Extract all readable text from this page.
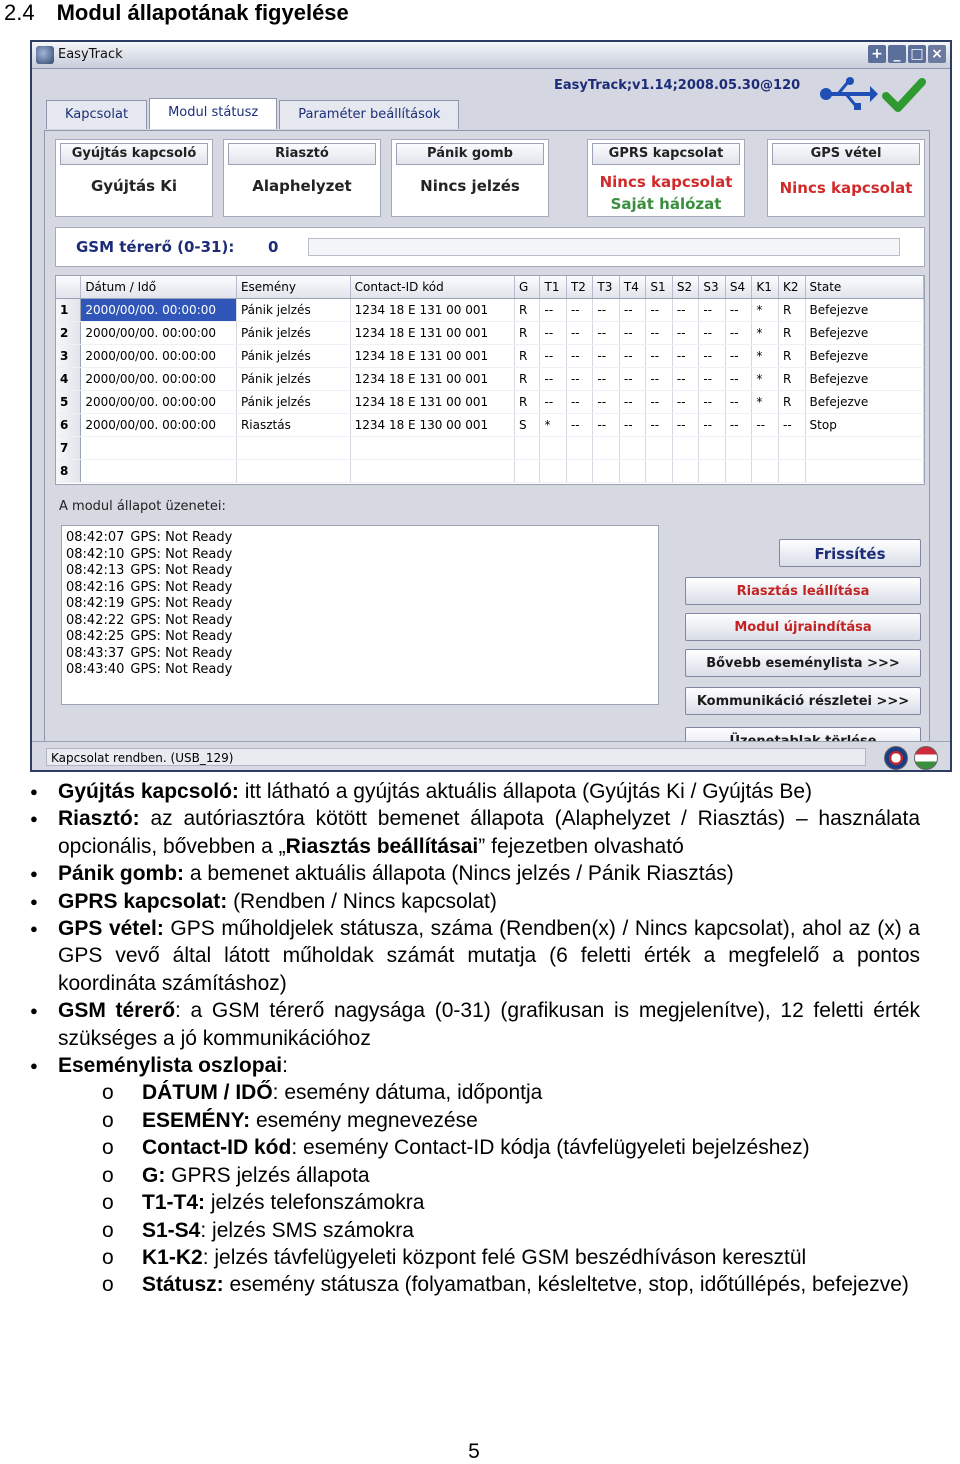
2.4 Modul állapotának figyelése
EasyTrack	+ _ □ ×
EasyTrack;v1.14;2008.05.30@120
Kapcsolat	Modul státusz	Paraméter beállítások
Gyújtás kapcsoló
Gyújtás Ki
Riasztó
Alaphelyzet
Pánik gomb
Nincs jelzés
GPRS kapcsolat
Nincs kapcsolat
Saját hálózat
GPS vétel
Nincs kapcsolat
GSM térerő (0-31): 0
	Dátum / Idő	Esemény	Contact-ID kód	G	T1	T2	T3	T4	S1	S2	S3	S4	K1	K2	State
1	2000/00/00. 00:00:00	Pánik jelzés	1234 18 E 131 00 001	R	--	--	--	--	--	--	--	--	*	R	Befejezve
2	2000/00/00. 00:00:00	Pánik jelzés	1234 18 E 131 00 001	R	--	--	--	--	--	--	--	--	*	R	Befejezve
3	2000/00/00. 00:00:00	Pánik jelzés	1234 18 E 131 00 001	R	--	--	--	--	--	--	--	--	*	R	Befejezve
4	2000/00/00. 00:00:00	Pánik jelzés	1234 18 E 131 00 001	R	--	--	--	--	--	--	--	--	*	R	Befejezve
5	2000/00/00. 00:00:00	Pánik jelzés	1234 18 E 131 00 001	R	--	--	--	--	--	--	--	--	*	R	Befejezve
6	2000/00/00. 00:00:00	Riasztás	1234 18 E 130 00 001	S	*	--	--	--	--	--	--	--	--	--	Stop
7															
8															
A modul állapot üzenetei:
08:42:07 GPS: Not Ready
08:42:10 GPS: Not Ready
08:42:13 GPS: Not Ready
08:42:16 GPS: Not Ready
08:42:19 GPS: Not Ready
08:42:22 GPS: Not Ready
08:42:25 GPS: Not Ready
08:43:37 GPS: Not Ready
08:43:40 GPS: Not Ready
Frissítés
Riasztás leállítása
Modul újraindítása
Bővebb eseménylista >>>
Kommunikáció részletei >>>
Kapcsolat rendben. (USB_129)
● Gyújtás kapcsoló: itt látható a gyújtás aktuális állapota (Gyújtás Ki / Gyújtás Be)
● Riasztó: az autóriasztóra kötött bemenet állapota (Alaphelyzet / Riasztás) – használata opcionális, bővebben a „Riasztás beállításai” fejezetben olvasható
● Pánik gomb: a bemenet aktuális állapota (Nincs jelzés / Pánik Riasztás)
● GPRS kapcsolat: (Rendben / Nincs kapcsolat)
● GPS vétel: GPS műholdjelek státusza, száma (Rendben(x) / Nincs kapcsolat), ahol az (x) a GPS vevő által látott műholdak számát mutatja (6 feletti érték a megfelelő a pontos koordináta számításhoz)
● GSM térerő: a GSM térerő nagysága (0-31) (grafikusan is megjelenítve), 12 feletti érték szükséges a jó kommunikációhoz
● Eseménylista oszlopai:
o DÁTUM / IDŐ: esemény dátuma, időpontja
o ESEMÉNY: esemény megnevezése
o Contact-ID kód: esemény Contact-ID kódja (távfelügyeleti bejelzéshez)
o G: GPRS jelzés állapota
o T1-T4: jelzés telefonszámokra
o S1-S4: jelzés SMS számokra
o K1-K2: jelzés távfelügyeleti központ felé GSM beszédhíváson keresztül
o Státusz: esemény státusza (folyamatban, késleltetve, stop, időtúllépés, befejezve)
5
